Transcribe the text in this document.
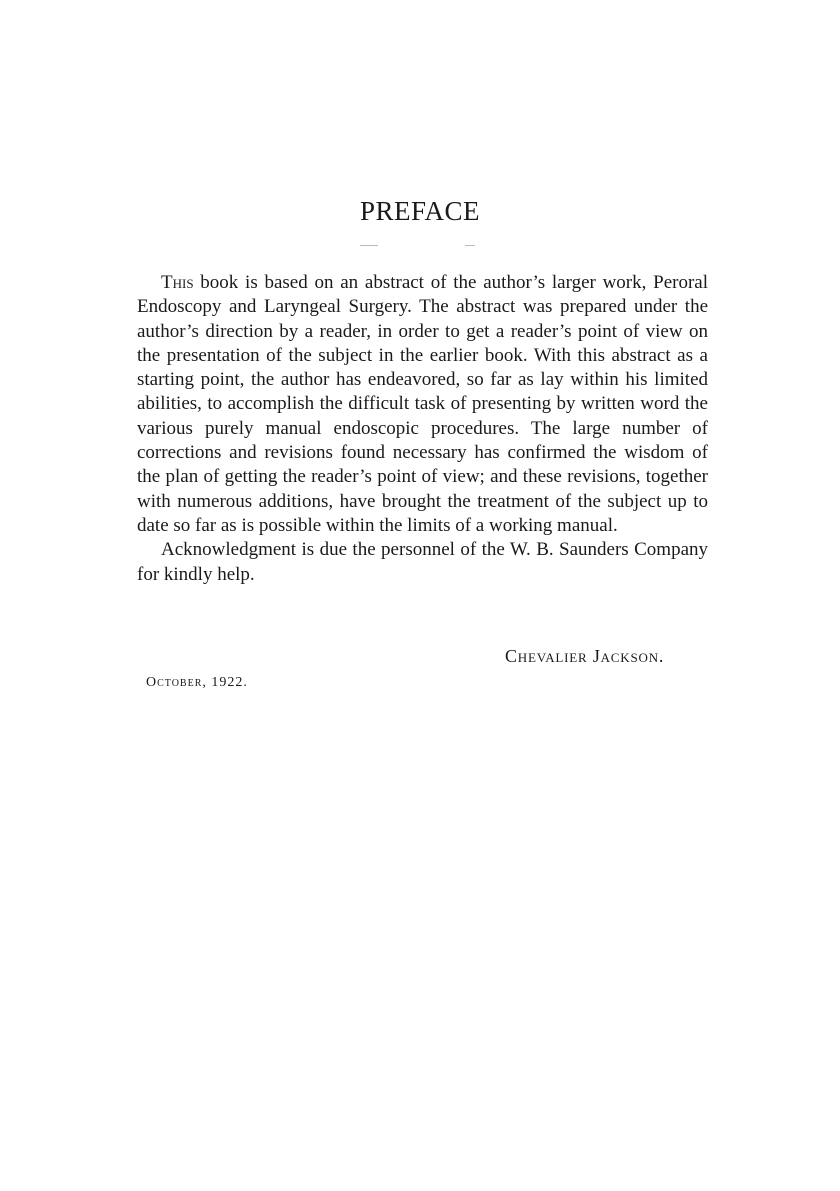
PREFACE

This book is based on an abstract of the author’s larger work, Peroral Endoscopy and Laryngeal Surgery. The abstract was prepared under the author’s direction by a reader, in order to get a reader’s point of view on the presentation of the subject in the earlier book. With this abstract as a starting point, the author has endeavored, so far as lay within his limited abilities, to accomplish the difficult task of presenting by written word the various purely manual endoscopic procedures. The large number of corrections and revisions found necessary has confirmed the wisdom of the plan of getting the reader’s point of view; and these revisions, together with numerous additions, have brought the treatment of the subject up to date so far as is possible within the limits of a working manual.

Acknowledgment is due the personnel of the W. B. Saunders Company for kindly help.

Chevalier Jackson.
October, 1922.
